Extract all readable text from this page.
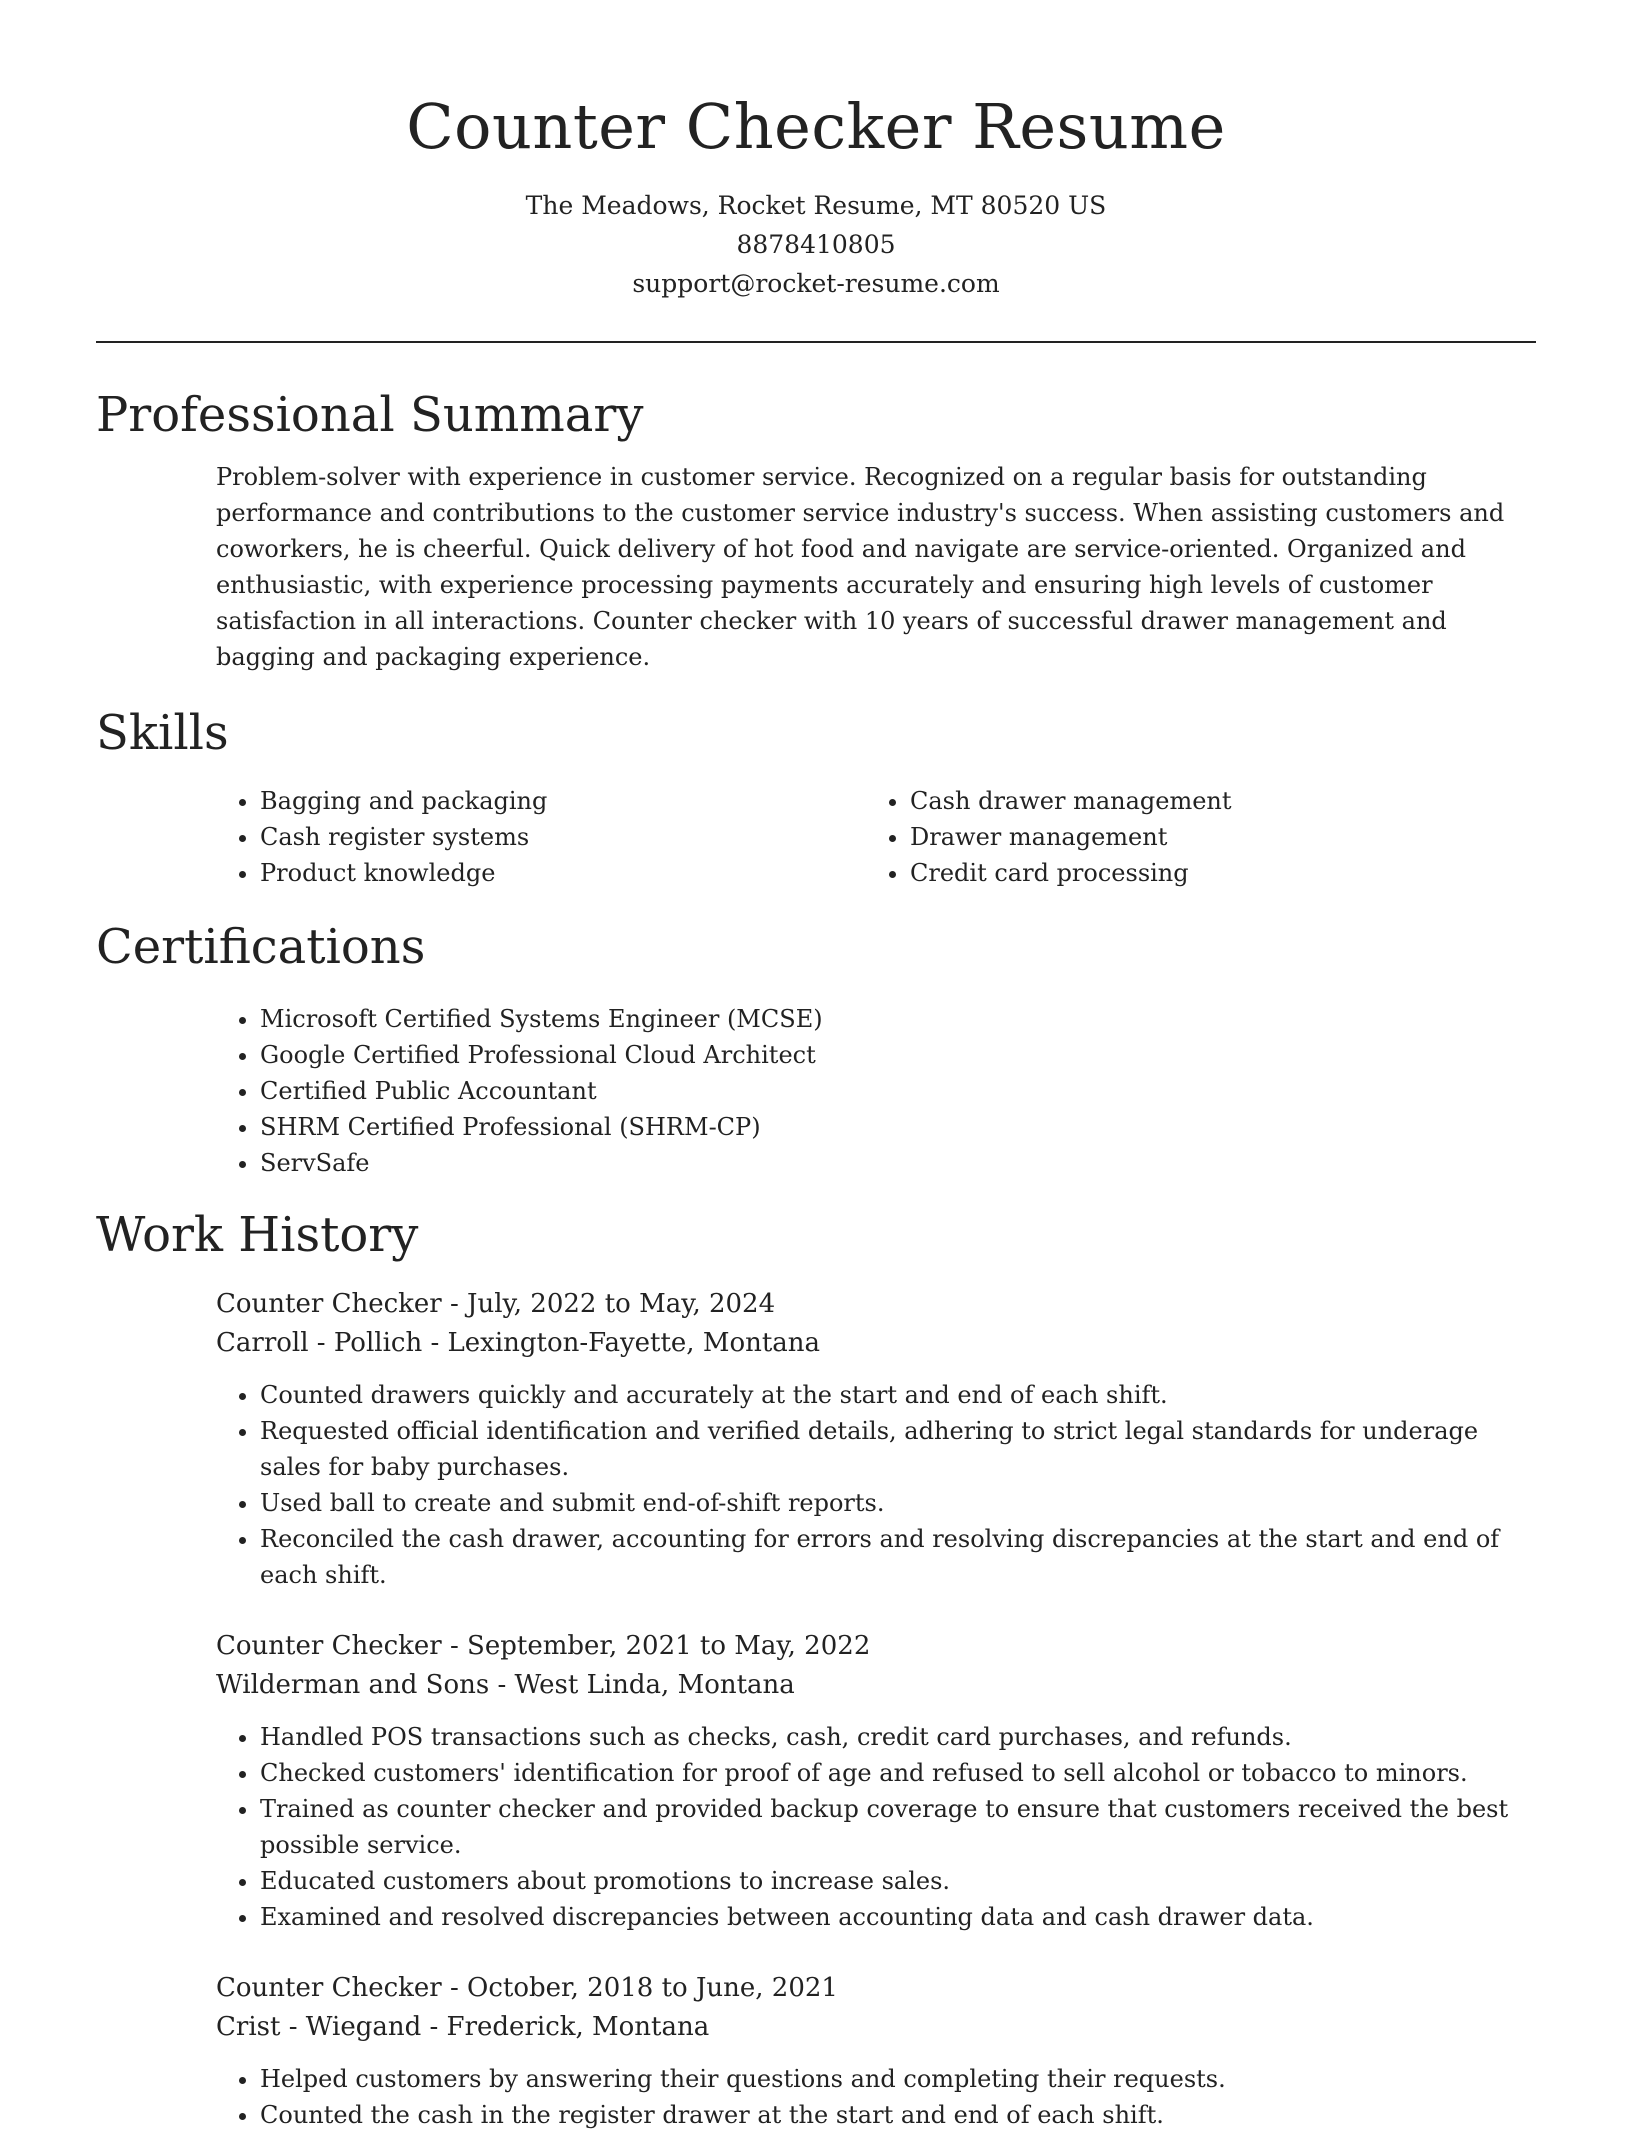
Counter Checker Resume
The Meadows, Rocket Resume, MT 80520 US
8878410805
support@rocket-resume.com
Professional Summary
Problem-solver with experience in customer service. Recognized on a regular basis for outstanding performance and contributions to the customer service industry's success. When assisting customers and coworkers, he is cheerful. Quick delivery of hot food and navigate are service-oriented. Organized and enthusiastic, with experience processing payments accurately and ensuring high levels of customer satisfaction in all interactions. Counter checker with 10 years of successful drawer management and bagging and packaging experience.
Skills
• Bagging and packaging
• Cash register systems
• Product knowledge
• Cash drawer management
• Drawer management
• Credit card processing
Certifications
• Microsoft Certified Systems Engineer (MCSE)
• Google Certified Professional Cloud Architect
• Certified Public Accountant
• SHRM Certified Professional (SHRM-CP)
• ServSafe
Work History
Counter Checker - July, 2022 to May, 2024
Carroll - Pollich - Lexington-Fayette, Montana
• Counted drawers quickly and accurately at the start and end of each shift.
• Requested official identification and verified details, adhering to strict legal standards for underage sales for baby purchases.
• Used ball to create and submit end-of-shift reports.
• Reconciled the cash drawer, accounting for errors and resolving discrepancies at the start and end of each shift.
Counter Checker - September, 2021 to May, 2022
Wilderman and Sons - West Linda, Montana
• Handled POS transactions such as checks, cash, credit card purchases, and refunds.
• Checked customers' identification for proof of age and refused to sell alcohol or tobacco to minors.
• Trained as counter checker and provided backup coverage to ensure that customers received the best possible service.
• Educated customers about promotions to increase sales.
• Examined and resolved discrepancies between accounting data and cash drawer data.
Counter Checker - October, 2018 to June, 2021
Crist - Wiegand - Frederick, Montana
• Helped customers by answering their questions and completing their requests.
• Counted the cash in the register drawer at the start and end of each shift.
